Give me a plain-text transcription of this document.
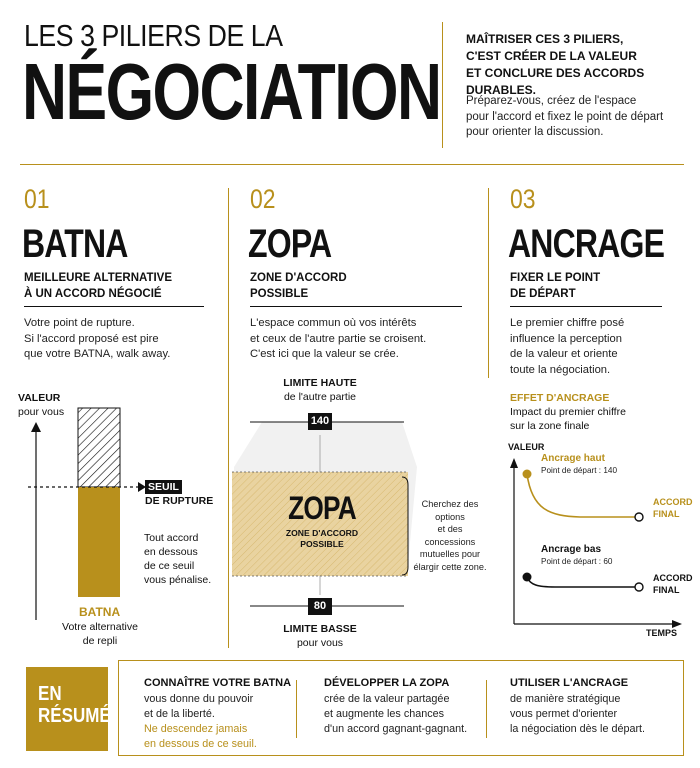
LES 3 PILIERS DE LA
NÉGOCIATION
MAÎTRISER CES 3 PILIERS,
C'EST CRÉER DE LA VALEUR
ET CONCLURE DES ACCORDS DURABLES.
Préparez-vous, créez de l'espace
pour l'accord et fixez le point de départ
pour orienter la discussion.
01
BATNA
MEILLEURE ALTERNATIVE
À UN ACCORD NÉGOCIÉ
Votre point de rupture.
Si l'accord proposé est pire
que votre BATNA, walk away.
VALEUR
pour vous
SEUIL
DE RUPTURE
Tout accord
en dessous
de ce seuil
vous pénalise.
BATNA
Votre alternative
de repli
02
ZOPA
ZONE D'ACCORD
POSSIBLE
L'espace commun où vos intérêts
et ceux de l'autre partie se croisent.
C'est ici que la valeur se crée.
LIMITE HAUTE
de l'autre partie
140
ZOPA
ZONE D'ACCORD
POSSIBLE
Cherchez des options
et des concessions
mutuelles pour
élargir cette zone.
80
LIMITE BASSE
pour vous
03
ANCRAGE
FIXER LE POINT
DE DÉPART
Le premier chiffre posé
influence la perception
de la valeur et oriente
toute la négociation.
EFFET D'ANCRAGE
Impact du premier chiffre
sur la zone finale
VALEUR
Ancrage haut
Point de départ : 140
ACCORD
FINAL
Ancrage bas
Point de départ : 60
ACCORD
FINAL
TEMPS
EN
RÉSUMÉ
CONNAÎTRE VOTRE BATNA
vous donne du pouvoir
et de la liberté.
Ne descendez jamais
en dessous de ce seuil.
DÉVELOPPER LA ZOPA
crée de la valeur partagée
et augmente les chances
d'un accord gagnant-gagnant.
UTILISER L'ANCRAGE
de manière stratégique
vous permet d'orienter
la négociation dès le départ.
